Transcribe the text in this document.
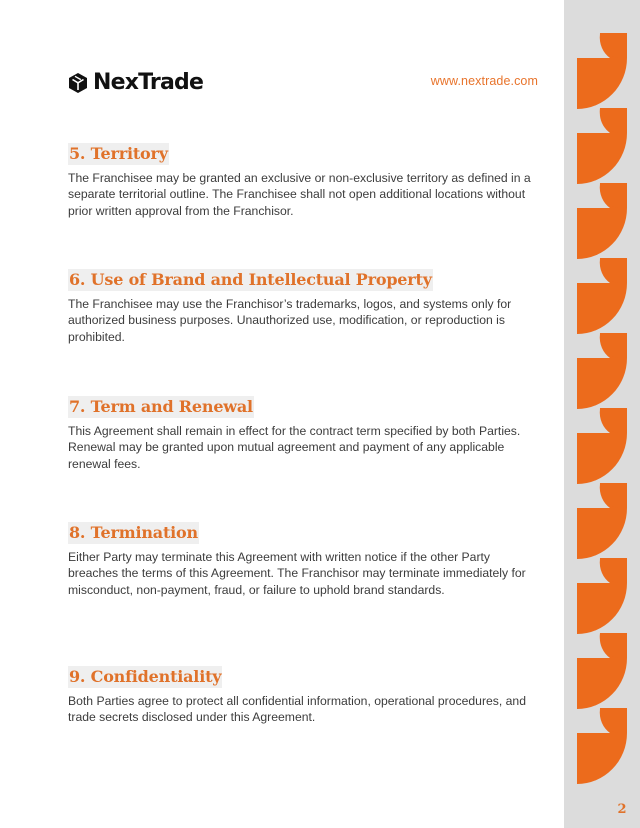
NexTrade	www.nextrade.com
5. Territory

The Franchisee may be granted an exclusive or non-exclusive territory as defined in a separate territorial outline. The Franchisee shall not open additional locations without prior written approval from the Franchisor.

6. Use of Brand and Intellectual Property

The Franchisee may use the Franchisor’s trademarks, logos, and systems only for authorized business purposes. Unauthorized use, modification, or reproduction is prohibited.

7. Term and Renewal

This Agreement shall remain in effect for the contract term specified by both Parties. Renewal may be granted upon mutual agreement and payment of any applicable renewal fees.

8. Termination

Either Party may terminate this Agreement with written notice if the other Party breaches the terms of this Agreement. The Franchisor may terminate immediately for misconduct, non-payment, fraud, or failure to uphold brand standards.

9. Confidentiality

Both Parties agree to protect all confidential information, operational procedures, and trade secrets disclosed under this Agreement.

2
